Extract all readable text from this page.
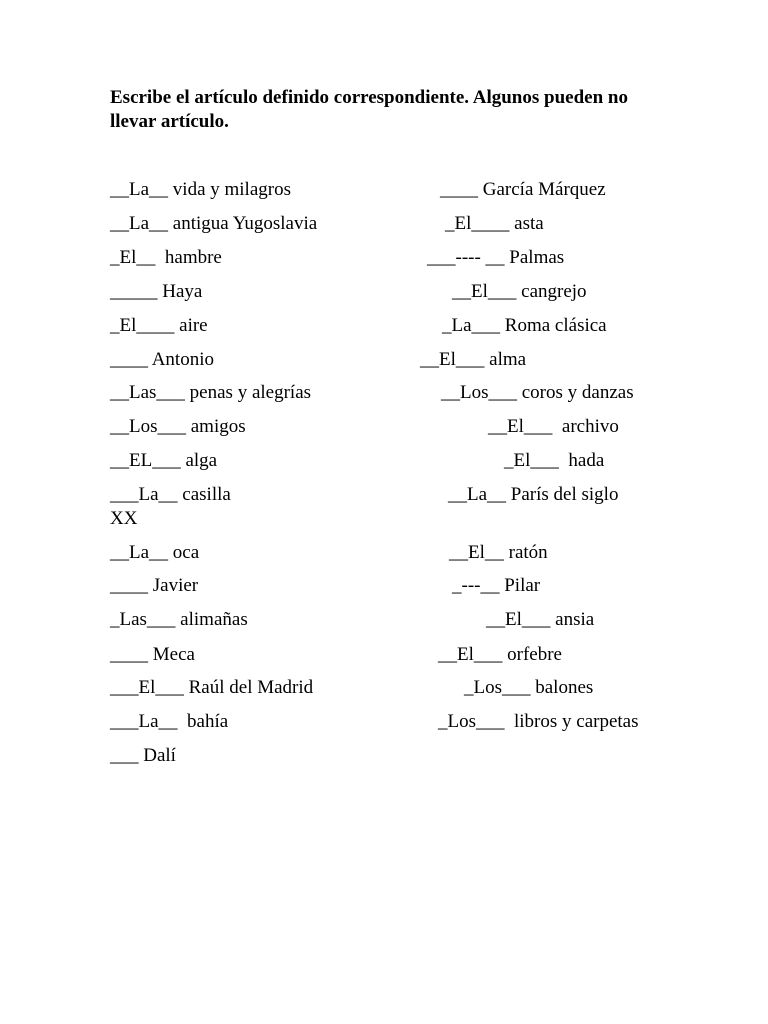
Escribe el artículo definido correspondiente. Algunos pueden no llevar artículo.

__La__ vida y milagros
__La__ antigua Yugoslavia
_El__  hambre
_____ Haya
_El____ aire
____ Antonio
__Las___ penas y alegrías
__Los___ amigos
__EL___ alga
___La__ casilla
XX
__La__ oca
____ Javier
_Las___ alimañas
____ Meca
___El___ Raúl del Madrid
___La__  bahía
___ Dalí
____ García Márquez
_El____ asta
___---- __ Palmas
__El___ cangrejo
_La___ Roma clásica
__El___ alma
__Los___ coros y danzas
__El___  archivo
_El___  hada
__La__ París del siglo
__El__ ratón
_---__ Pilar
__El___ ansia
__El___ orfebre
_Los___ balones
_Los___  libros y carpetas
